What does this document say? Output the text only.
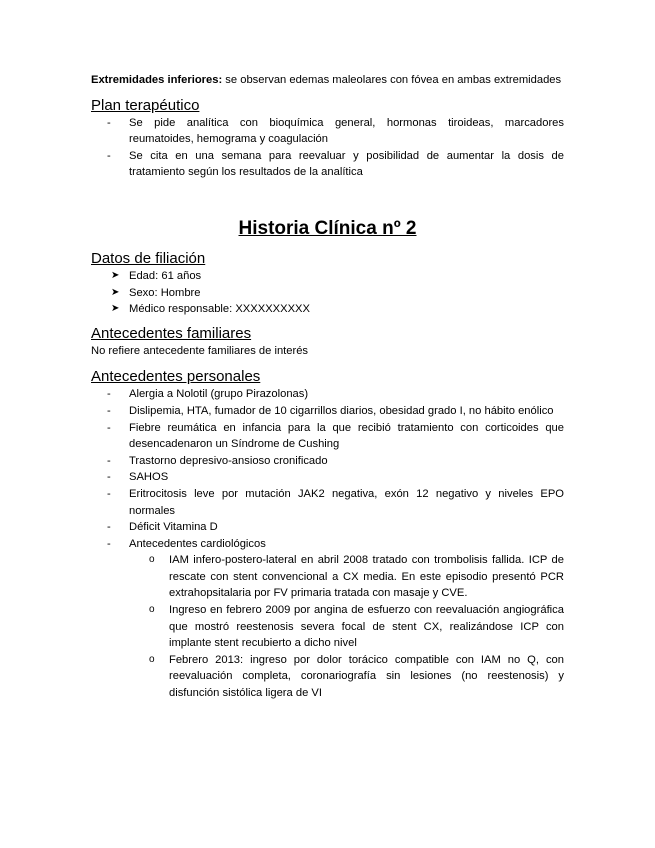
Extremidades inferiores: se observan edemas maleolares con fóvea en ambas extremidades

Plan terapéutico
- Se pide analítica con bioquímica general, hormonas tiroideas, marcadores reumatoides, hemograma y coagulación
- Se cita en una semana para reevaluar y posibilidad de aumentar la dosis de tratamiento según los resultados de la analítica
Historia Clínica nº 2
Datos de filiación
➤ Edad: 61 años
➤ Sexo: Hombre
➤ Médico responsable: XXXXXXXXXX
Antecedentes familiares

No refiere antecedente familiares de interés

Antecedentes personales
- Alergia a Nolotil (grupo Pirazolonas)
- Dislipemia, HTA, fumador de 10 cigarrillos diarios, obesidad grado I, no hábito enólico
- Fiebre reumática en infancia para la que recibió tratamiento con corticoides que desencadenaron un Síndrome de Cushing
- Trastorno depresivo-ansioso cronificado
- SAHOS
- Eritrocitosis leve por mutación JAK2 negativa, exón 12 negativo y niveles EPO normales
- Déficit Vitamina D
- Antecedentes cardiológicos
o IAM infero-postero-lateral en abril 2008 tratado con trombolisis fallida. ICP de rescate con stent convencional a CX media. En este episodio presentó PCR extrahopsitalaria por FV primaria tratada con masaje y CVE.
o Ingreso en febrero 2009 por angina de esfuerzo con reevaluación angiográfica que mostró reestenosis severa focal de stent CX, realizándose ICP con implante stent recubierto a dicho nivel
o Febrero 2013: ingreso por dolor torácico compatible con IAM no Q, con reevaluación completa, coronariografía sin lesiones (no reestenosis) y disfunción sistólica ligera de VI
